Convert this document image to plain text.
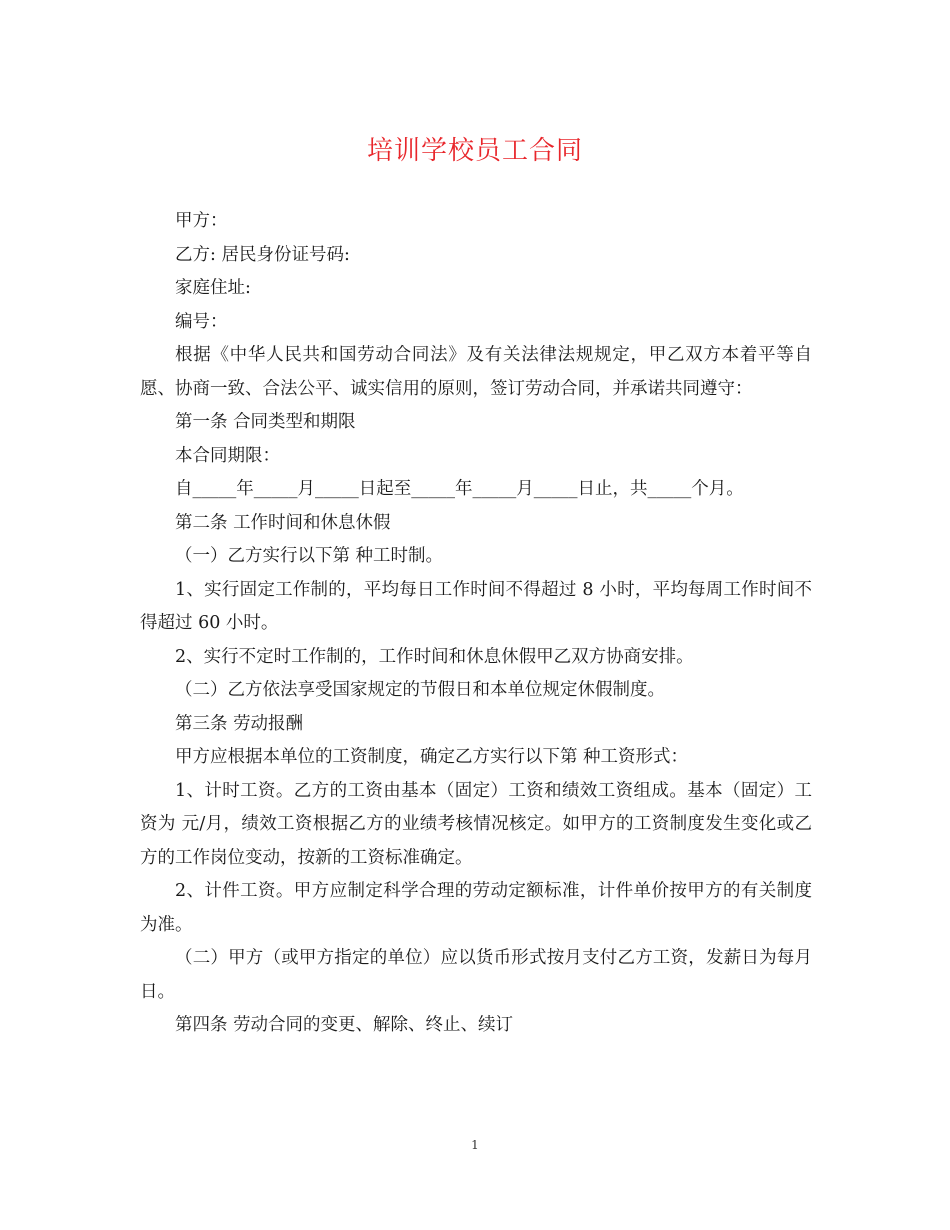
培训学校员工合同

甲方：

乙方: 居民身份证号码:

家庭住址:

编号：

根据《中华人民共和国劳动合同法》及有关法律法规规定，甲乙双方本着平等自愿、协商一致、合法公平、诚实信用的原则，签订劳动合同，并承诺共同遵守：

第一条 合同类型和期限

本合同期限：

自_____年_____月_____日起至_____年_____月_____日止，共_____个月。

第二条 工作时间和休息休假

（一）乙方实行以下第 种工时制。

1、实行固定工作制的，平均每日工作时间不得超过 8 小时，平均每周工作时间不得超过 60 小时。

2、实行不定时工作制的，工作时间和休息休假甲乙双方协商安排。

（二）乙方依法享受国家规定的节假日和本单位规定休假制度。

第三条 劳动报酬

甲方应根据本单位的工资制度，确定乙方实行以下第 种工资形式：

1、计时工资。乙方的工资由基本（固定）工资和绩效工资组成。基本（固定）工资为 元/月，绩效工资根据乙方的业绩考核情况核定。如甲方的工资制度发生变化或乙方的工作岗位变动，按新的工资标准确定。

2、计件工资。甲方应制定科学合理的劳动定额标准，计件单价按甲方的有关制度为准。

（二）甲方（或甲方指定的单位）应以货币形式按月支付乙方工资，发薪日为每月 日。

第四条 劳动合同的变更、解除、终止、续订

1
